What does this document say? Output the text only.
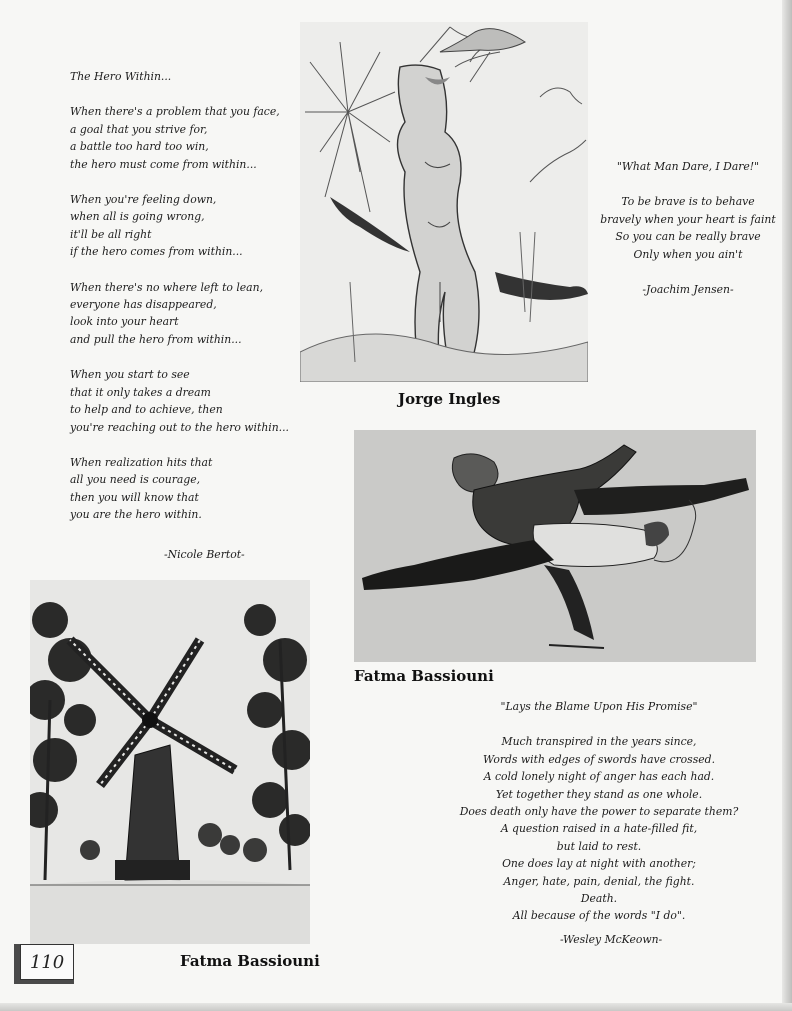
The Hero Within...

When there's a problem that you face,

a goal that you strive for,

a battle too hard too win,

the hero must come from within...

When you're feeling down,

when all is going wrong,

it'll be all right

if the hero comes from within...

When there's no where left to lean,

everyone has disappeared,

look into your heart

and pull the hero from within...

When you start to see

that it only takes a dream

to help and to achieve, then

you're reaching out to the hero within...

When realization hits that

all you need is courage,

then you will know that

you are the hero within.

-Nicole Bertot-
Jorge Ingles

"What Man Dare, I Dare!"

To be brave is to behave

bravely when your heart is faint

So you can be really brave

Only when you ain't

-Joachim Jensen-

Fatma Bassiouni

"Lays the Blame Upon His Promise"

Much transpired in the years since,

Words with edges of swords have crossed.

A cold lonely night of anger has each had.

Yet together they stand as one whole.

Does death only have the power to separate them?

A question raised in a hate-filled fit,

but laid to rest.

One does lay at night with another;

Anger, hate, pain, denial, the fight.

Death.

All because of the words "I do".

-Wesley McKeown-
Fatma Bassiouni
110
